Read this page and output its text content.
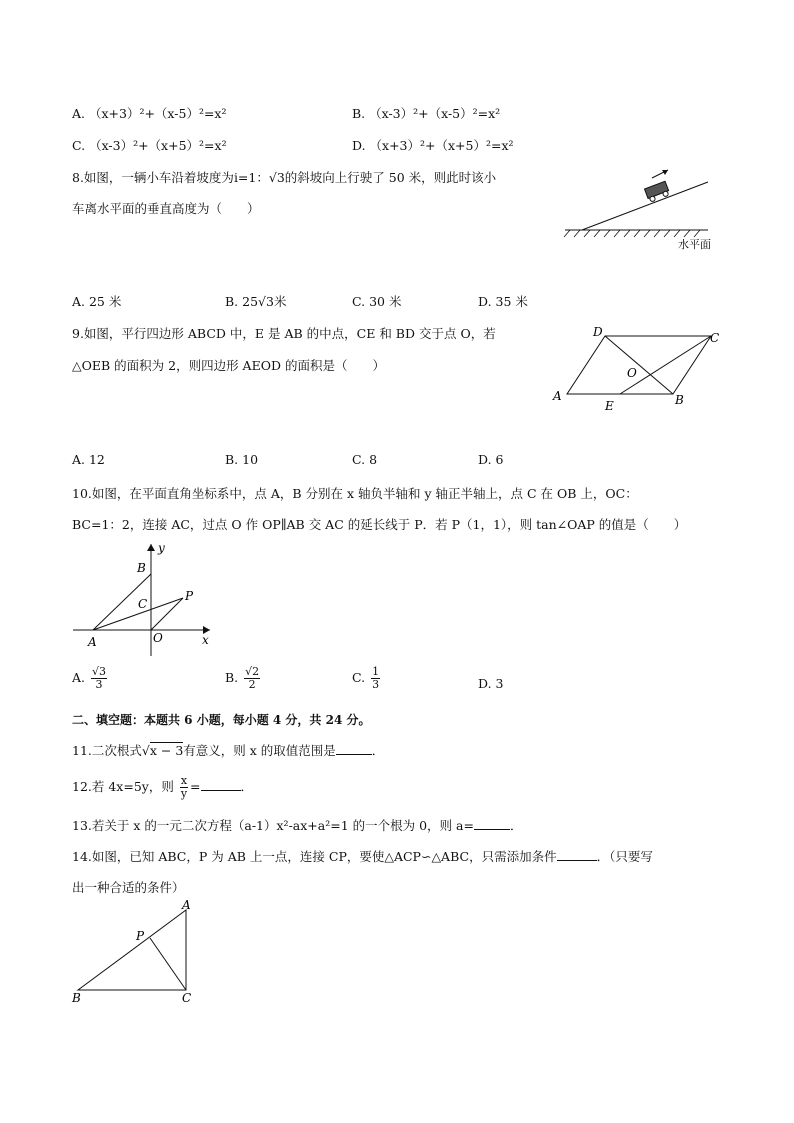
A. （x+3）²+（x-5）²=x²	B. （x-3）²+（x-5）²=x²
C. （x-3）²+（x+5）²=x²	D. （x+3）²+（x+5）²=x²
8.如图，一辆小车沿着坡度为i=1：√3的斜坡向上行驶了 50 米，则此时该小
车离水平面的垂直高度为（　　）
水平面
A. 25 米	B. 25√3米	C. 30 米	D. 35 米
9.如图，平行四边形 ABCD 中，E 是 AB 的中点，CE 和 BD 交于点 O，若
△OEB 的面积为 2，则四边形 AEOD 的面积是（　　）
A	B
C
D
E
O
A. 12	B. 10	C. 8	D. 6
10.如图，在平面直角坐标系中，点 A，B 分别在 x 轴负半轴和 y 轴正半轴上，点 C 在 OB 上，OC：
BC=1：2，连接 AC，过点 O 作 OP∥AB 交 AC 的延长线于 P．若 P（1，1），则 tan∠OAP 的值是（　　）
y
x
B
C
P
A	O
A. $\frac{√3}{3}$	B. $\frac{√2}{2}$	C. $\frac{1}{3}$	D. 3
二、填空题：本题共 6 小题，每小题 4 分，共 24 分。
11.二次根式√x − 3有意义，则 x 的取值范围是	．
12.若 4x=5y，则 $\frac{x}{y}$ =	．
13.若关于 x 的一元二次方程（a-1）x²-ax+a²=1 的一个根为 0，则 a=	．
14.如图，已知 ABC，P 为 AB 上一点，连接 CP，要使△ACP∽△ABC，只需添加条件	．（只要写
出一种合适的条件）
A
P
B	C
